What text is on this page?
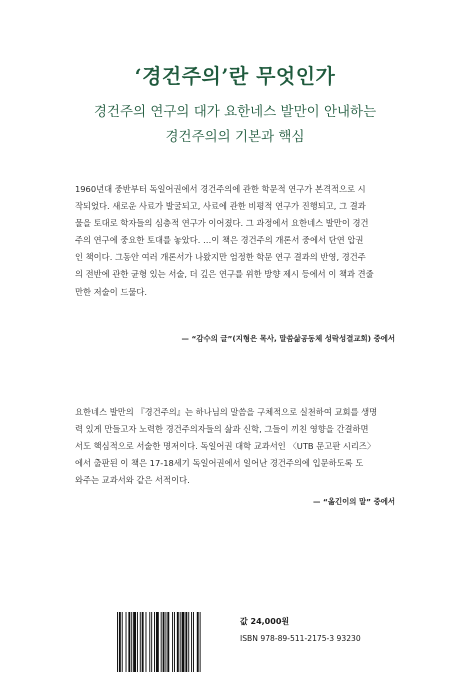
‘경건주의’란 무엇인가
경건주의 연구의 대가 요한네스 발만이 안내하는
경건주의의 기본과 핵심
1960년대 중반부터 독일어권에서 경건주의에 관한 학문적 연구가 본격적으로 시
작되었다. 새로운 사료가 발굴되고, 사료에 관한 비평적 연구가 진행되고, 그 결과
물을 토대로 학자들의 심층적 연구가 이어졌다. 그 과정에서 요한네스 발만이 경건
주의 연구에 중요한 토대를 놓았다. …이 책은 경건주의 개론서 중에서 단연 압권
인 책이다. 그동안 여러 개론서가 나왔지만 엄정한 학문 연구 결과의 반영, 경건주
의 전반에 관한 균형 있는 서술, 더 깊은 연구를 위한 방향 제시 등에서 이 책과 견줄
만한 저술이 드물다.
— “감수의 글”(지형은 목사, 말씀삶공동체 성락성결교회) 중에서
요한네스 발만의 『경건주의』는 하나님의 말씀을 구체적으로 실천하여 교회를 생명
력 있게 만들고자 노력한 경건주의자들의 삶과 신학, 그들이 끼친 영향을 간결하면
서도 핵심적으로 서술한 명저이다. 독일어권 대학 교과서인 〈UTB 문고판 시리즈〉
에서 출판된 이 책은 17-18세기 독일어권에서 일어난 경건주의에 입문하도록 도
와주는 교과서와 같은 서적이다.
— “옮긴이의 말” 중에서
값 24,000원
ISBN 978-89-511-2175-3 93230
